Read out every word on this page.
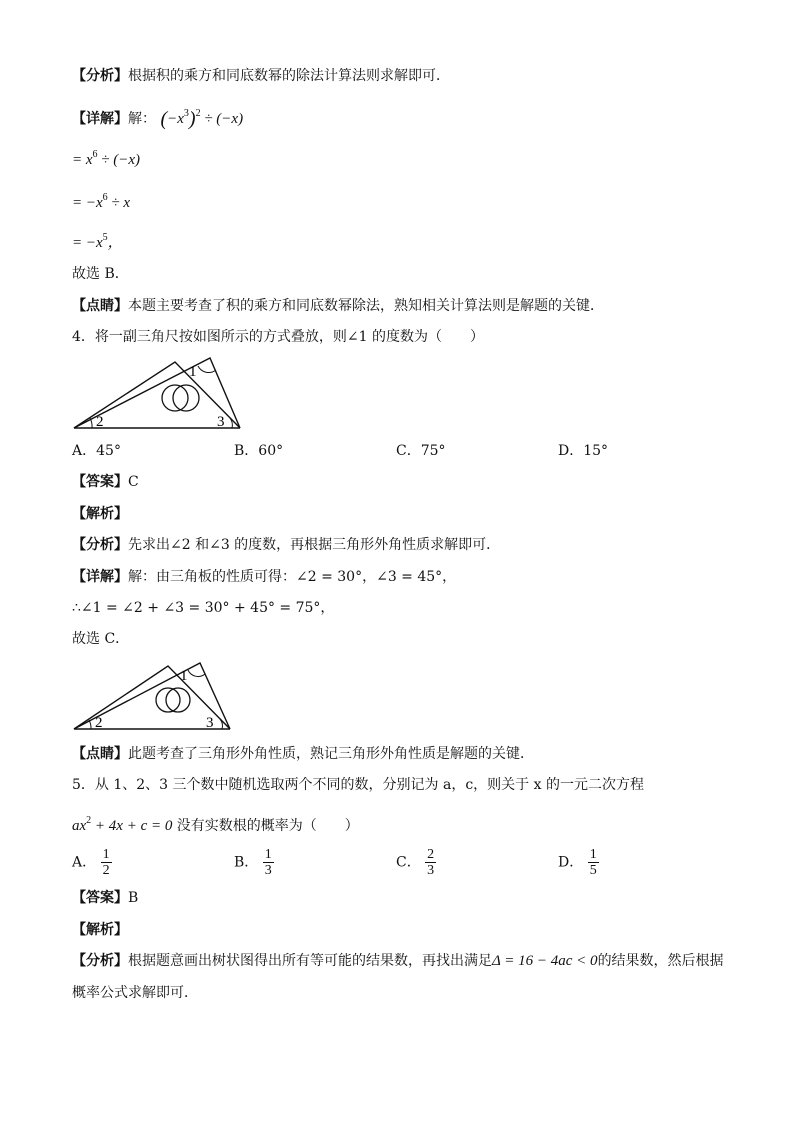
【分析】根据积的乘方和同底数幂的除法计算法则求解即可．
【详解】解： $(-x^3)^2 \div (-x)$
= $x^6 \div (-x)$
= $-x^6 \div x$
= $-x^5$，
故选 B．
【点睛】本题主要考查了积的乘方和同底数幂除法，熟知相关计算法则是解题的关键．
4．将一副三角尺按如图所示的方式叠放，则∠1 的度数为（　　）
1
2	3
A．45°	B．60°	C．75°	D．15°
【答案】C
【解析】
【分析】先求出∠2 和∠3 的度数，再根据三角形外角性质求解即可．
【详解】解：由三角板的性质可得：∠2 = 30°，∠3 = 45°，
∴∠1 = ∠2 + ∠3 = 30° + 45° = 75°，
故选 C．
1
2	3
【点睛】此题考查了三角形外角性质，熟记三角形外角性质是解题的关键．
5．从 1、2、3 三个数中随机选取两个不同的数，分别记为 a，c，则关于 x 的一元二次方程
$ax^2 + 4x + c = 0$ 没有实数根的概率为（　　）
A． $\frac{1}{2}$	B． $\frac{1}{3}$	C． $\frac{2}{3}$	D． $\frac{1}{5}$
【答案】B
【解析】
【分析】根据题意画出树状图得出所有等可能的结果数，再找出满足Δ = 16 − 4ac < 0的结果数，然后根据
概率公式求解即可．
